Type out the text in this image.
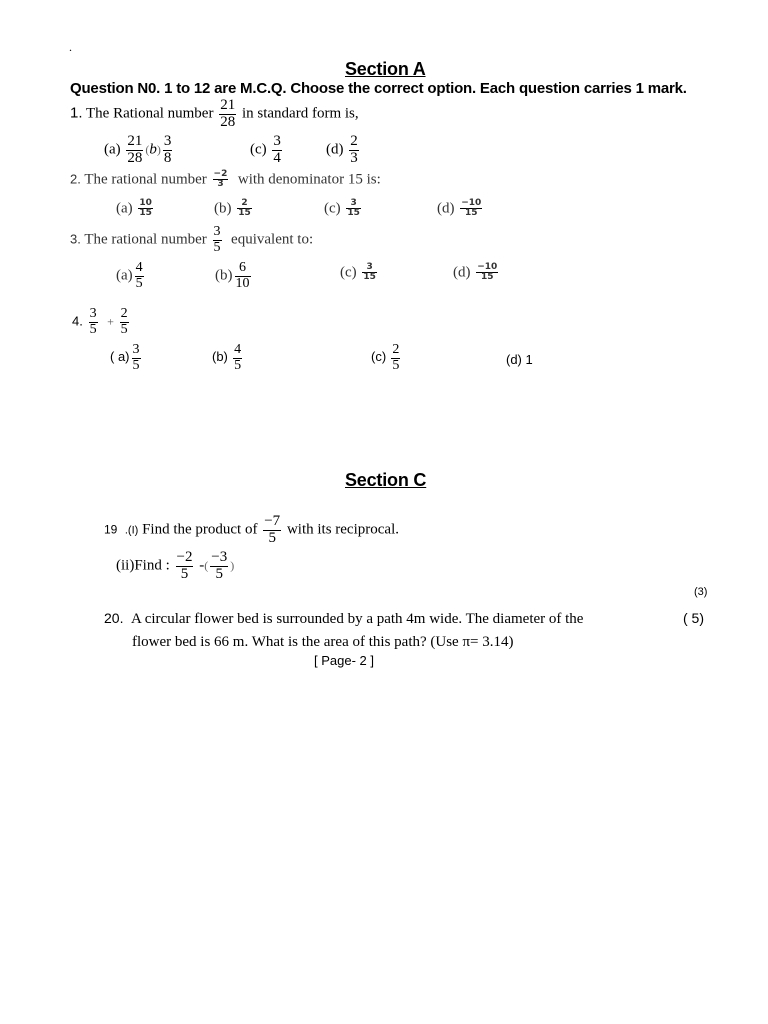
.
Section A
Question N0. 1 to 12 are M.C.Q. Choose the correct option. Each question carries 1 mark.
1. The Rational number $\frac{21}{28}$ in standard form is,
$(a) \frac{21}{28} (b) \frac{3}{8}$	$(c) \frac{3}{4}$	$(d) \frac{2}{3}$
2. The rational number $\frac{-2}{3}$ with denominator 15 is:
$(a) \frac{10}{15}$	$(b) \frac{2}{15}$	$(c) \frac{3}{15}$	$(d) \frac{-10}{15}$
3. The rational number $\frac{3}{5}$ equivalent to:
$(a) \frac{4}{5}$	$(b) \frac{6}{10}$	$(c) \frac{3}{15}$	$(d) \frac{-10}{15}$
4. $\frac{3}{5} + \frac{2}{5}$
( $a) \frac{3}{5}$	$(b) \frac{4}{5}$	$(c) \frac{2}{5}$	(d) 1
Section C
19 .(I) Find the product of $\frac{-7}{5}$ with its reciprocal.
(ii)Find : $\frac{-2}{5}$ -( $\frac{-3}{5}$ )
(3)
20. A circular flower bed is surrounded by a path 4m wide. The diameter of the	( 5)
flower bed is 66 m. What is the area of this path? (Use π= 3.14)
[ Page- 2 ]
